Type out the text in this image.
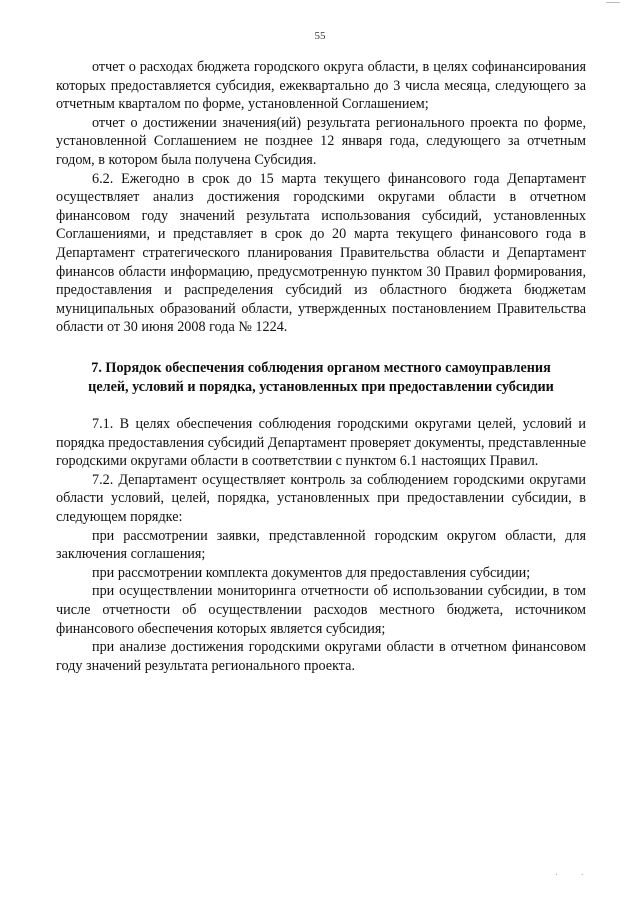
55

отчет о расходах бюджета городского округа области, в целях софинансирования которых предоставляется субсидия, ежеквартально до 3 числа месяца, следующего за отчетным кварталом по форме, установленной Соглашением;

отчет о достижении значения(ий) результата регионального проекта по форме, установленной Соглашением не позднее 12 января года, следующего за отчетным годом, в котором была получена Субсидия.

6.2. Ежегодно в срок до 15 марта текущего финансового года Департамент осуществляет анализ достижения городскими округами области в отчетном финансовом году значений результата использования субсидий, установленных Соглашениями, и представляет в срок до 20 марта текущего финансового года в Департамент стратегического планирования Правительства области и Департамент финансов области информацию, предусмотренную пунктом 30 Правил формирования, предоставления и распределения субсидий из областного бюджета бюджетам муниципальных образований области, утвержденных постановлением Правительства области от 30 июня 2008 года № 1224.

7. Порядок обеспечения соблюдения органом местного самоуправления целей, условий и порядка, установленных при предоставлении субсидии

7.1. В целях обеспечения соблюдения городскими округами целей, условий и порядка предоставления субсидий Департамент проверяет документы, представленные городскими округами области в соответствии с пунктом 6.1 настоящих Правил.

7.2. Департамент осуществляет контроль за соблюдением городскими округами области условий, целей, порядка, установленных при предоставлении субсидии, в следующем порядке:

при рассмотрении заявки, представленной городским округом области, для заключения соглашения;

при рассмотрении комплекта документов для предоставления субсидии;

при осуществлении мониторинга отчетности об использовании субсидии, в том числе отчетности об осуществлении расходов местного бюджета, источником финансового обеспечения которых является субсидия;

при анализе достижения городскими округами области в отчетном финансовом году значений результата регионального проекта.

· ·
